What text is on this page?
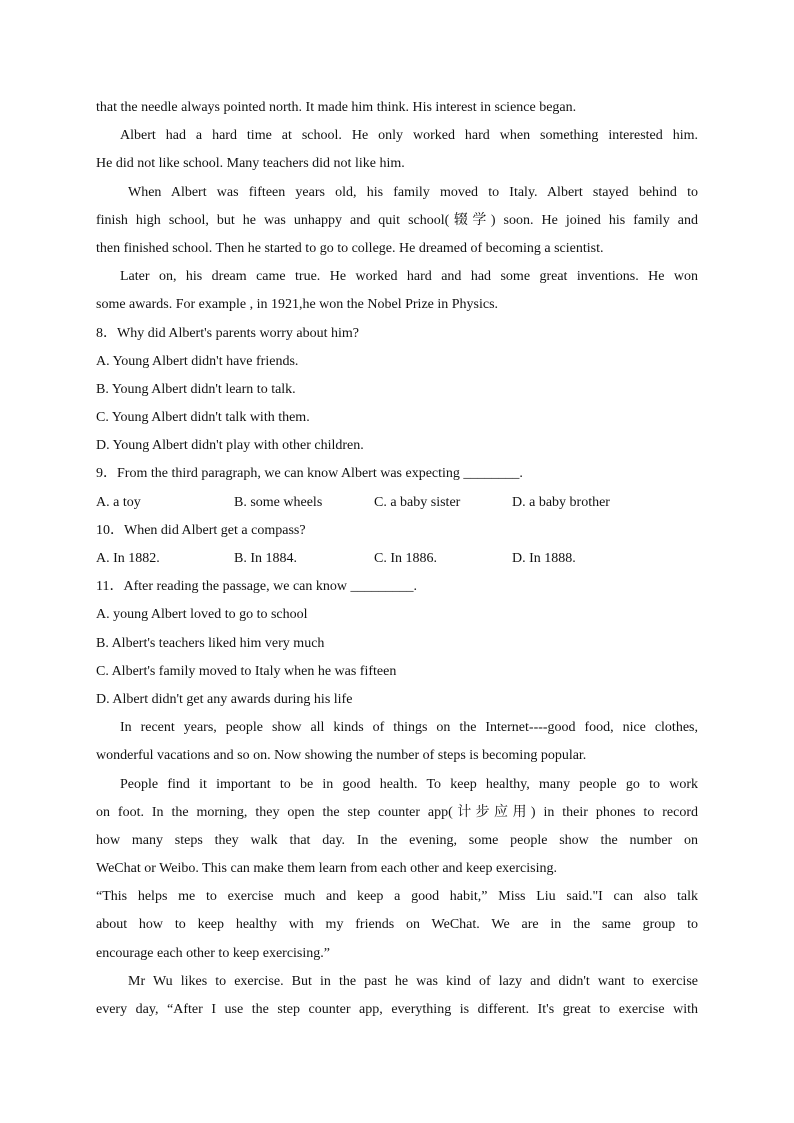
that the needle always pointed north. It made him think. His interest in science began.
Albert had a hard time at school. He only worked hard when something interested him.
He did not like school. Many teachers did not like him.
When Albert was fifteen years old, his family moved to Italy. Albert stayed behind to
finish high school, but he was unhappy and quit school(辍学) soon. He joined his family and
then finished school. Then he started to go to college. He dreamed of becoming a scientist.
Later on, his dream came true. He worked hard and had some great inventions. He won
some awards. For example , in 1921,he won the Nobel Prize in Physics.
8．Why did Albert's parents worry about him?
A. Young Albert didn't have friends.
B. Young Albert didn't learn to talk.
C. Young Albert didn't talk with them.
D. Young Albert didn't play with other children.
9．From the third paragraph, we can know Albert was expecting ________.
A. a toy	B. some wheels	C. a baby sister	D. a baby brother
10．When did Albert get a compass?
A. In 1882.	B. In 1884.	C. In 1886.	D. In 1888.
11．After reading the passage, we can know _________.
A. young Albert loved to go to school
B. Albert's teachers liked him very much
C. Albert's family moved to Italy when he was fifteen
D. Albert didn't get any awards during his life
In recent years, people show all kinds of things on the Internet----good food, nice clothes,
wonderful vacations and so on. Now showing the number of steps is becoming popular.
People find it important to be in good health. To keep healthy, many people go to work
on foot. In the morning, they open the step counter app(计步应用) in their phones to record
how many steps they walk that day. In the evening, some people show the number on
WeChat or Weibo. This can make them learn from each other and keep exercising.
“This helps me to exercise much and keep a good habit,” Miss Liu said."I can also talk
about how to keep healthy with my friends on WeChat. We are in the same group to
encourage each other to keep exercising.”
Mr Wu likes to exercise. But in the past he was kind of lazy and didn't want to exercise
every day, “After I use the step counter app, everything is different. It's great to exercise with
